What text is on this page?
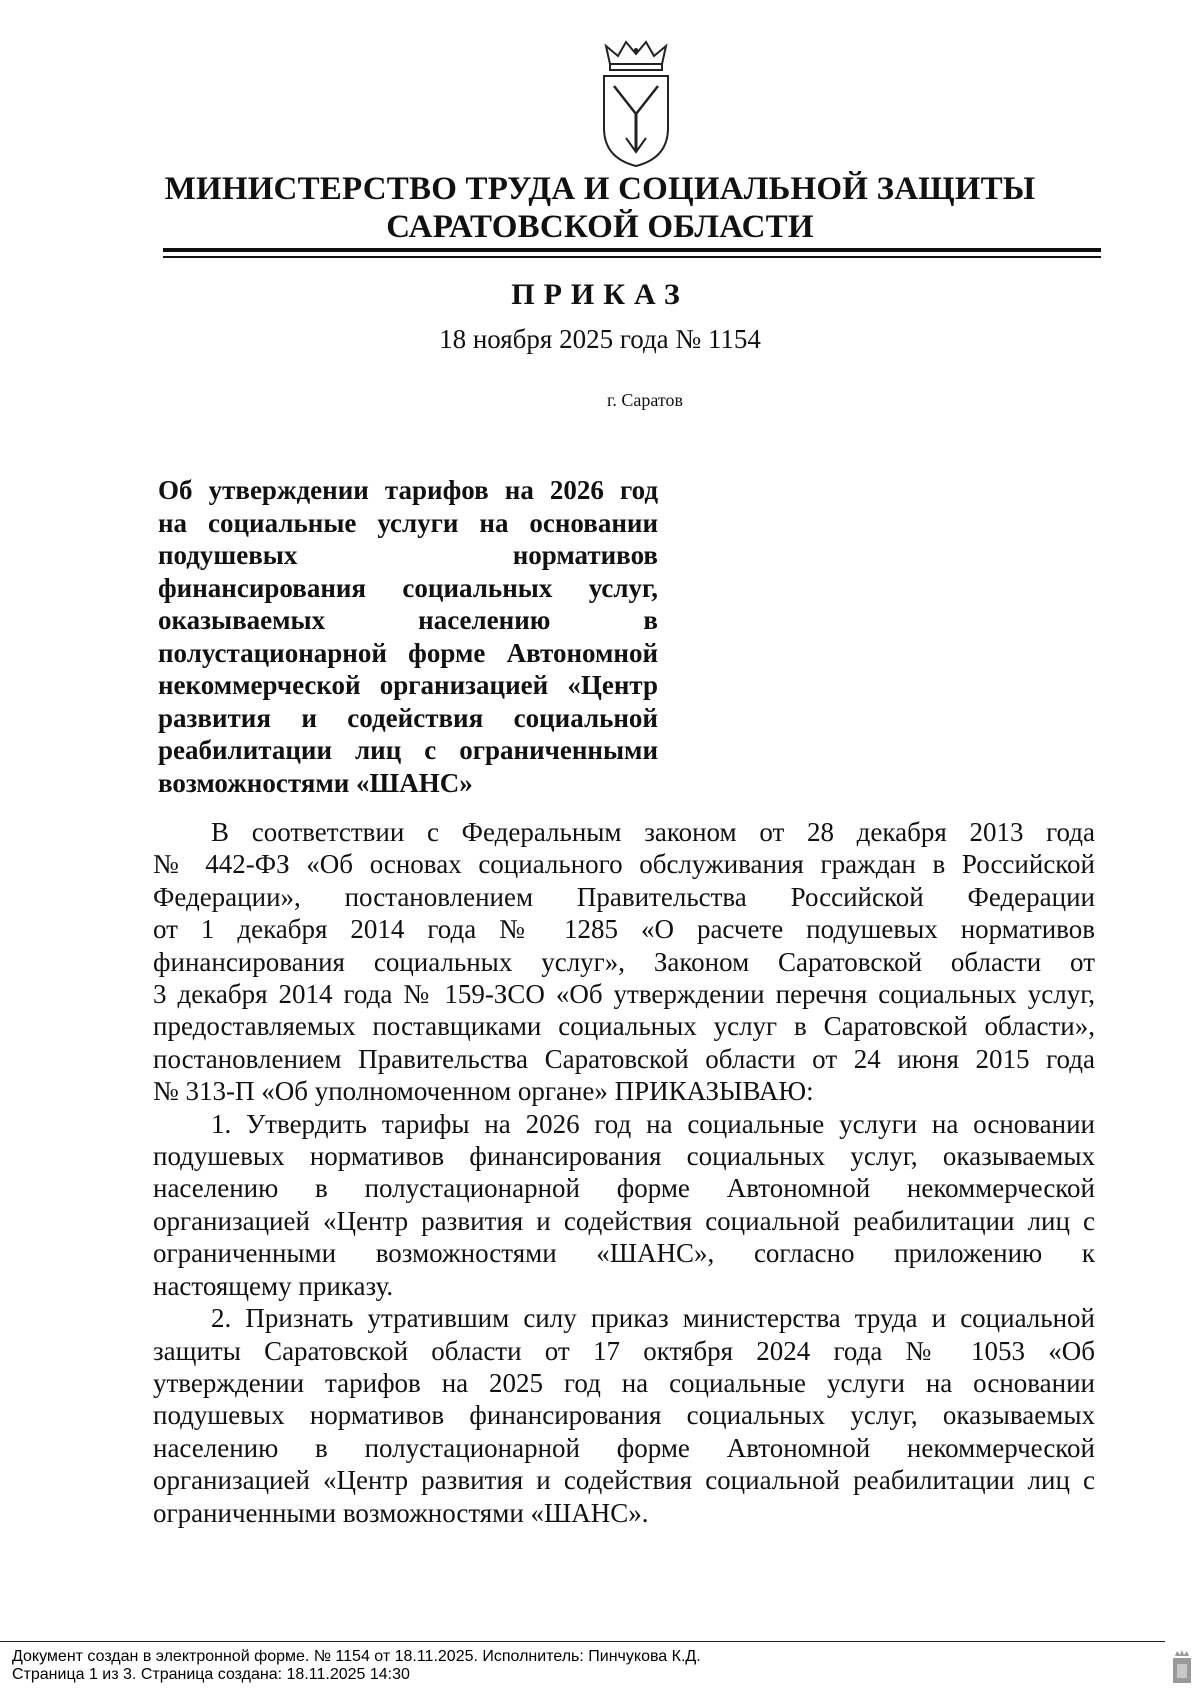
МИНИСТЕРСТВО ТРУДА И СОЦИАЛЬНОЙ ЗАЩИТЫ
САРАТОВСКОЙ ОБЛАСТИ
ПРИКАЗ
18 ноября 2025 года № 1154
г. Саратов
Об утверждении тарифов на 2026 год
на социальные услуги на основании
подушевых нормативов
финансирования социальных услуг,
оказываемых населению в
полустационарной форме Автономной
некоммерческой организацией «Центр
развития и содействия социальной
реабилитации лиц с ограниченными
возможностями «ШАНС»
В соответствии с Федеральным законом от 28 декабря 2013 года
№ 442-ФЗ «Об основах социального обслуживания граждан в Российской
Федерации», постановлением Правительства Российской Федерации
от 1 декабря 2014 года № 1285 «О расчете подушевых нормативов
финансирования социальных услуг», Законом Саратовской области от
3 декабря 2014 года № 159-ЗСО «Об утверждении перечня социальных услуг,
предоставляемых поставщиками социальных услуг в Саратовской области»,
постановлением Правительства Саратовской области от 24 июня 2015 года
№ 313-П «Об уполномоченном органе» ПРИКАЗЫВАЮ:
1. Утвердить тарифы на 2026 год на социальные услуги на основании
подушевых нормативов финансирования социальных услуг, оказываемых
населению в полустационарной форме Автономной некоммерческой
организацией «Центр развития и содействия социальной реабилитации лиц с
ограниченными возможностями «ШАНС», согласно приложению к
настоящему приказу.
2. Признать утратившим силу приказ министерства труда и социальной
защиты Саратовской области от 17 октября 2024 года № 1053 «Об
утверждении тарифов на 2025 год на социальные услуги на основании
подушевых нормативов финансирования социальных услуг, оказываемых
населению в полустационарной форме Автономной некоммерческой
организацией «Центр развития и содействия социальной реабилитации лиц с
ограниченными возможностями «ШАНС».
Документ создан в электронной форме. № 1154 от 18.11.2025. Исполнитель: Пинчукова К.Д.
Страница 1 из 3. Страница создана: 18.11.2025 14:30
